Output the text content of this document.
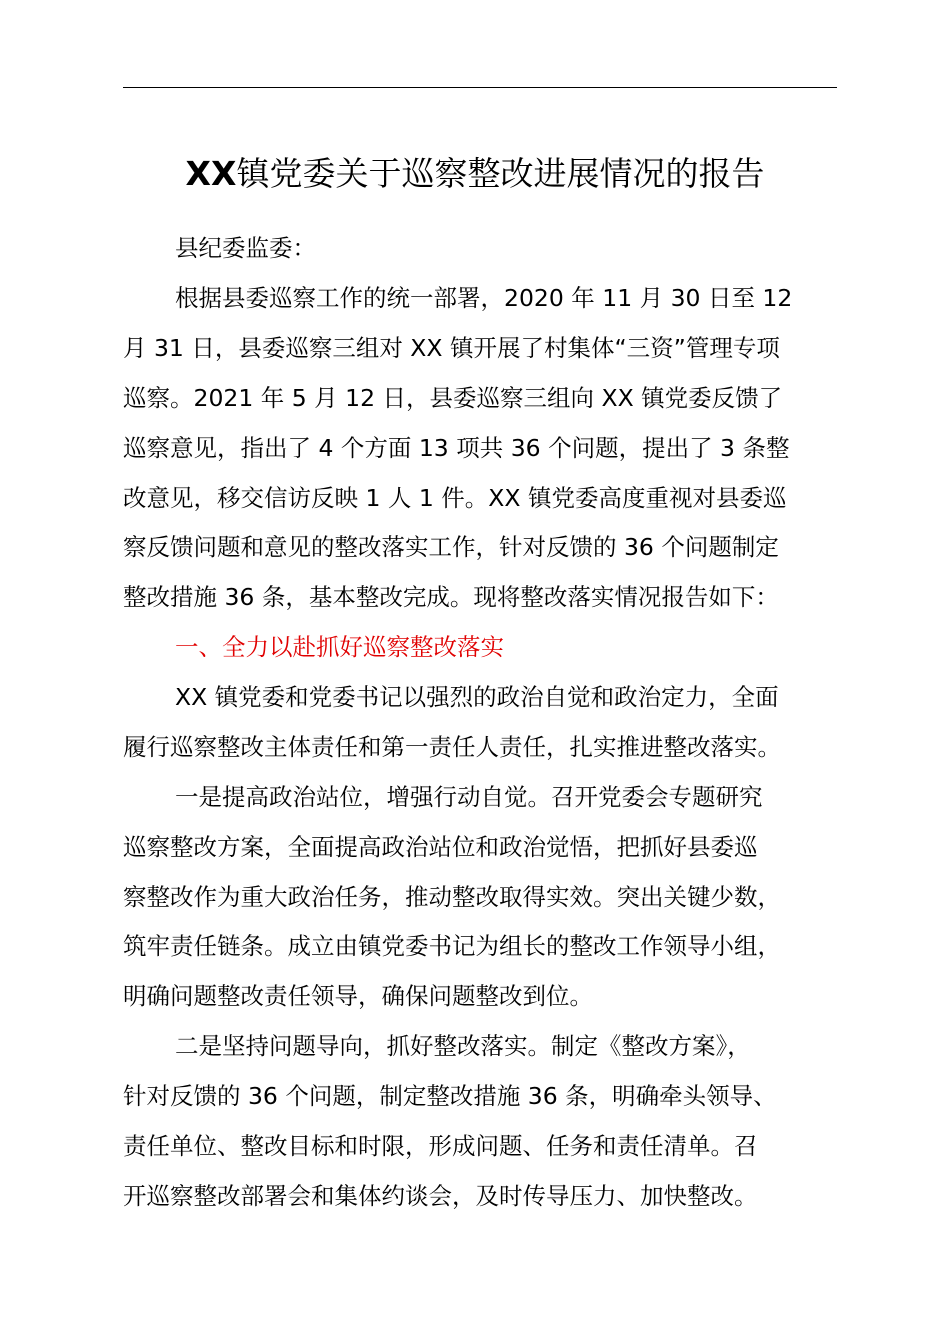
XX镇党委关于巡察整改进展情况的报告
县纪委监委：
根据县委巡察工作的统一部署，2020 年 11 月 30 日至 12
月 31 日，县委巡察三组对 XX 镇开展了村集体“三资”管理专项
巡察。2021 年 5 月 12 日，县委巡察三组向 XX 镇党委反馈了
巡察意见，指出了 4 个方面 13 项共 36 个问题，提出了 3 条整
改意见，移交信访反映 1 人 1 件。XX 镇党委高度重视对县委巡
察反馈问题和意见的整改落实工作，针对反馈的 36 个问题制定
整改措施 36 条，基本整改完成。现将整改落实情况报告如下：
一、全力以赴抓好巡察整改落实
XX 镇党委和党委书记以强烈的政治自觉和政治定力，全面
履行巡察整改主体责任和第一责任人责任，扎实推进整改落实。
一是提高政治站位，增强行动自觉。召开党委会专题研究
巡察整改方案，全面提高政治站位和政治觉悟，把抓好县委巡
察整改作为重大政治任务，推动整改取得实效。突出关键少数，
筑牢责任链条。成立由镇党委书记为组长的整改工作领导小组，
明确问题整改责任领导，确保问题整改到位。
二是坚持问题导向，抓好整改落实。制定《整改方案》，
针对反馈的 36 个问题，制定整改措施 36 条，明确牵头领导、
责任单位、整改目标和时限，形成问题、任务和责任清单。召
开巡察整改部署会和集体约谈会，及时传导压力、加快整改。
